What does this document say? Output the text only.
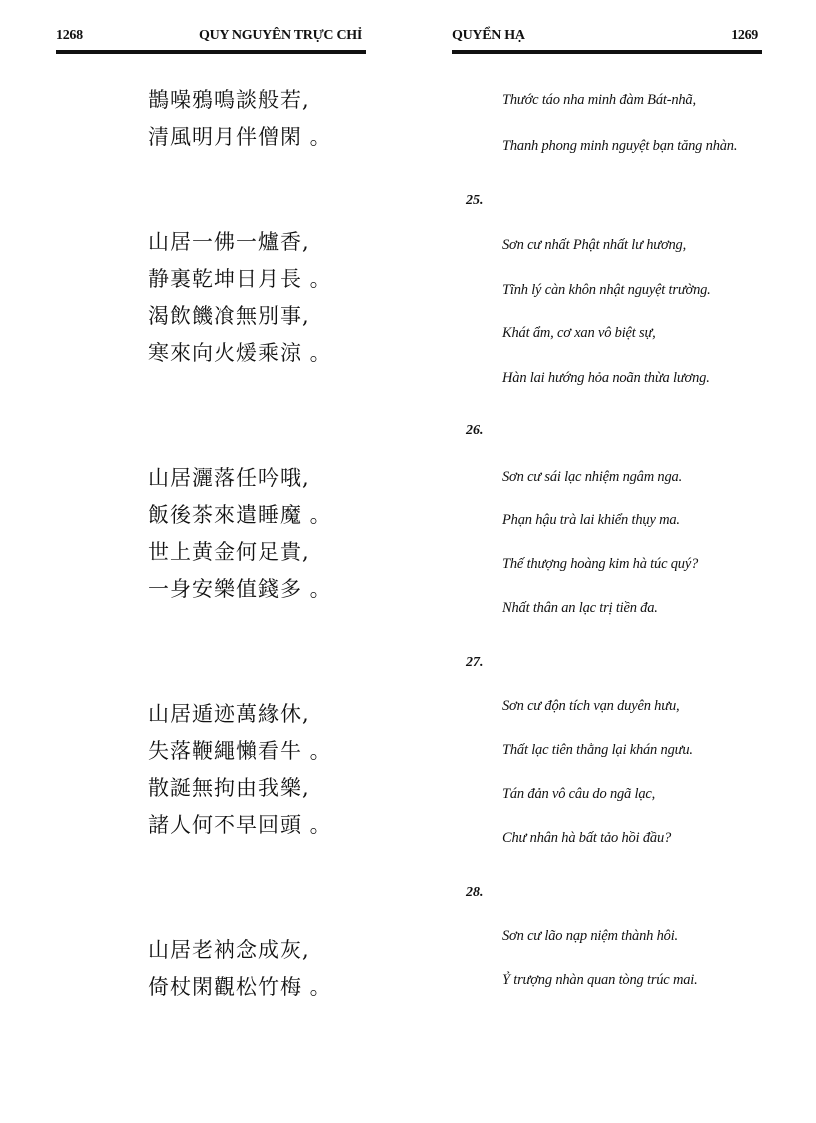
1268	QUY NGUYÊN TRỰC CHỈ	QUYỂN HẠ	1269
鵲噪鴉鳴談般若,
清風明月伴僧閑 。
山居一佛一爐香,
静裏乾坤日月長 。
渴飲饑飡無別事,
寒來向火煖乘涼 。
山居灑落任吟哦,
飯後茶來遣睡魔 。
世上黄金何足貴,
一身安樂值錢多 。
山居遁迹萬緣休,
失落鞭繩懶看牛 。
散誕無拘由我樂,
諸人何不早回頭 。
山居老衲念成灰,
倚杖閑觀松竹梅 。
Thước táo nha minh đàm Bát-nhã,
Thanh phong minh nguyệt bạn tăng nhàn.
25.
Sơn cư nhất Phật nhất lư hương,
Tĩnh lý càn khôn nhật nguyệt trường.
Khát ẩm, cơ xan vô biệt sự,
Hàn lai hướng hỏa noãn thừa lương.
26.
Sơn cư sái lạc nhiệm ngâm nga.
Phạn hậu trà lai khiển thụy ma.
Thế thượng hoàng kim hà túc quý?
Nhất thân an lạc trị tiền đa.
27.
Sơn cư độn tích vạn duyên hưu,
Thất lạc tiên thằng lại khán ngưu.
Tán đản vô câu do ngã lạc,
Chư nhân hà bất tảo hồi đầu?
28.
Sơn cư lão nạp niệm thành hôi.
Ỷ trượng nhàn quan tòng trúc mai.
